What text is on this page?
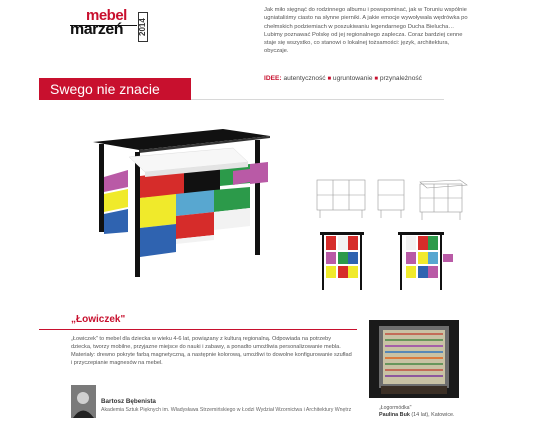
mebel
marzeń 2014

Jak miło sięgnąć do rodzinnego albumu i powspominać, jak w Toruniu wspólnie ugniataliśmy ciasto na słynne pierniki. A jakie emocje wywoływała wędrówka po chełmskich podziemiach w poszukiwaniu legendarnego Ducha Bielucha… Lubimy poznawać Polskę od jej regionalnego zaplecza. Coraz bardziej cenne staje się wszystko, co stanowi o lokalnej tożsamości: język, architektura, obyczaje.

Swego nie znacie
IDEE: autentyczność ■ ugruntowanie ■ przynależność
„Łowiczek"

„Łowiczek" to mebel dla dziecka w wieku 4-6 lat, powiązany z kulturą regionalną. Odpowiada na potrzeby dziecka, tworzy mobilne, przyjazne miejsce do nauki i zabawy, a ponadto umożliwia personalizowanie mebla. Materiały: drewno pokryte farbą magnetyczną, a następnie kolorową, umożliwi to dowolne konfigurowanie szufład i przyczepianie magnesów na mebel.

Bartosz Bębenista
Akademia Sztuk Pięknych im. Władysława Strzemińskiego w Łodzi Wydział Wzornictwa i Architektury Wnętrz	„Łogormódka"
Paulina Buk (14 lat), Katowice.
